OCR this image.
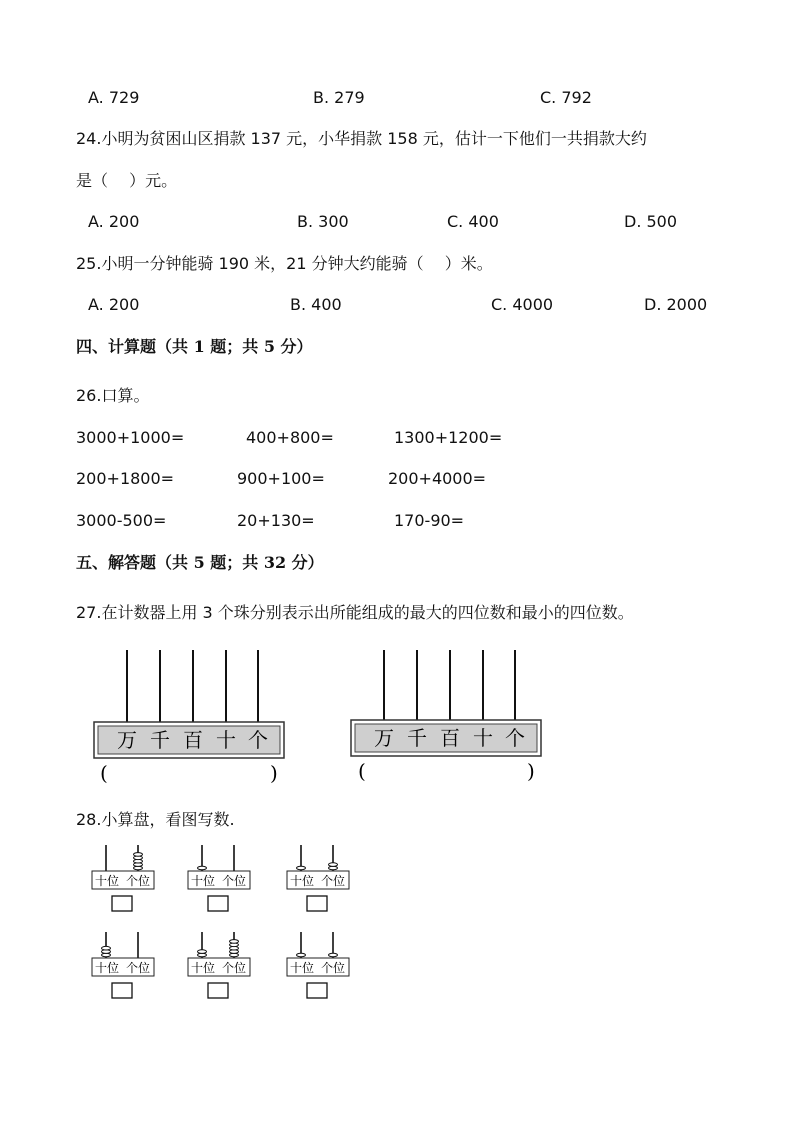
A. 729	B. 279	C. 792
24.小明为贫困山区捐款 137 元，小华捐款 158 元，估计一下他们一共捐款大约
是（　 ）元。
A. 200	B. 300	C. 400	D. 500
25.小明一分钟能骑 190 米，21 分钟大约能骑（　 ）米。
A. 200	B. 400	C. 4000	D. 2000
四、计算题（共 1 题；共 5 分）
26.口算。
3000+1000=	400+800=	1300+1200=
200+1800=	900+100=	200+4000=
3000-500=	20+130=	170-90=
五、解答题（共 5 题；共 32 分）
27.在计数器上用 3 个珠分别表示出所能组成的最大的四位数和最小的四位数。
万 千 百 十 个	万 千 百 十 个
(	)	(	)
28.小算盘，看图写数.
十位 个位	十位 个位	十位 个位
十位 个位	十位 个位	十位 个位
